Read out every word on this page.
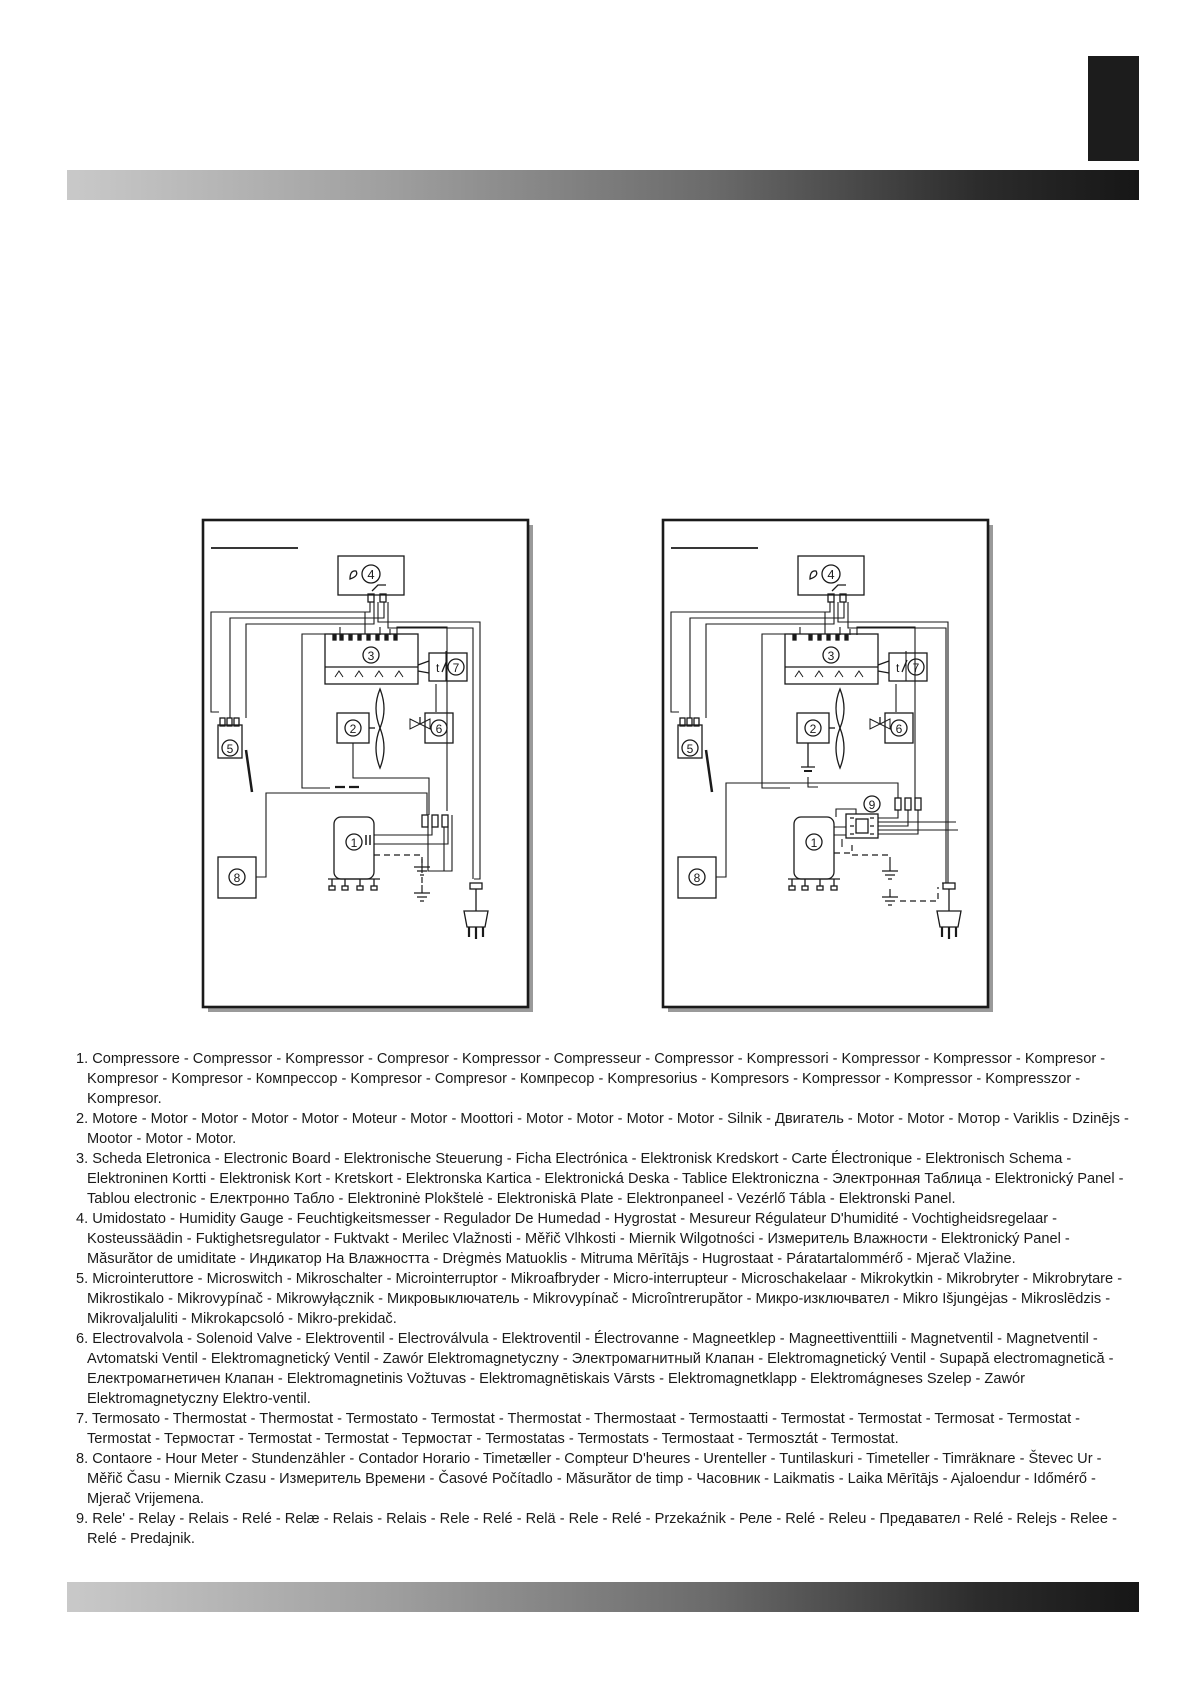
4
3
t 7
2	6
5
1
8
4
3
t 7
2	6
5
9
1
8
1. Compressore - Compressor - Kompressor - Compresor - Kompressor - Compresseur - Compressor - Kompressori - Kompressor - Kompressor - Kompresor - Kompresor - Kompresor - Компрессор - Kompresor - Compresor - Компресор - Kompresorius - Kompresors - Kompressor - Kompressor - Kompresszor - Kompresor.
2. Motore - Motor - Motor - Motor - Motor - Moteur - Motor - Moottori - Motor - Motor - Motor - Motor - Silnik - Двигатель - Motor - Motor - Мотор - Variklis - Dzinējs - Mootor - Motor - Motor.
3. Scheda Eletronica - Electronic Board - Elektronische Steuerung - Ficha Electrónica - Elektronisk Kredskort - Carte Électronique - Elektronisch Schema - Elektroninen Kortti - Elektronisk Kort - Kretskort - Elektronska Kartica - Elektronická Deska - Tablice Elektroniczna - Электронная Таблица - Elektronický Panel - Tablou electronic - Електронно Табло - Elektroninė Plokštelė - Elektroniskā Plate - Elektronpaneel - Vezérlő Tábla - Elektronski Panel.
4. Umidostato - Humidity Gauge - Feuchtigkeitsmesser - Regulador De Humedad - Hygrostat - Mesureur Régulateur D'humidité - Vochtigheidsregelaar - Kosteussäädin - Fuktighetsregulator - Fuktvakt - Merilec Vlažnosti - Měřič Vlhkosti - Miernik Wilgotności - Измеритель Влажности - Elektronický Panel - Măsurător de umiditate - Индикатор На Влажността - Drėgmės Matuoklis - Mitruma Mērītājs - Hugrostaat - Páratartalommérő - Mjerač Vlažine.
5. Microinteruttore - Microswitch - Mikroschalter - Microinterruptor - Mikroafbryder - Micro-interrupteur - Microschakelaar - Mikrokytkin - Mikrobryter - Mikrobrytare - Mikrostikalo - Mikrovypínač - Mikrowyłącznik - Микровыключатель - Mikrovypínač - Microîntrerupător - Микро-изключвател - Mikro Išjungėjas - Mikroslēdzis - Mikrovaljaluliti - Mikrokapcsoló - Mikro-prekidač.
6. Electrovalvola - Solenoid Valve - Elektroventil - Electroválvula - Elektroventil - Électrovanne - Magneetklep - Magneettiventtiili - Magnetventil - Magnetventil - Avtomatski Ventil - Elektromagnetický Ventil - Zawór Elektromagnetyczny - Электромагнитный Клапан - Elektromagnetický Ventil - Supapă electromagnetică - Електромагнетичен Клапан - Elektromagnetinis Vožtuvas - Elektromagnētiskais Vārsts - Elektromagnetklapp - Elektromágneses Szelep - Zawór Elektromagnetyczny Elektro-ventil.
7. Termosato - Thermostat - Thermostat - Termostato - Termostat - Thermostat - Thermostaat - Termostaatti - Termostat - Termostat - Termosat - Termostat - Termostat - Термостат - Termostat - Termostat - Термостат - Termostatas - Termostats - Termostaat - Termosztát - Termostat.
8. Contaore - Hour Meter - Stundenzähler - Contador Horario - Timetæller - Compteur D'heures - Urenteller - Tuntilaskuri - Timeteller - Timräknare - Števec Ur - Měřič Času - Miernik Czasu - Измеритель Времени - Časové Počítadlo - Măsurător de timp - Часовник - Laikmatis - Laika Mērītājs - Ajaloendur - Időmérő - Mjerač Vrijemena.
9. Rele' - Relay - Relais - Relé - Relæ - Relais - Relais - Rele - Relé - Relä - Rele - Relé - Przekaźnik - Реле - Relé - Releu - Предавател - Relé - Relejs - Relee - Relé - Predajnik.
